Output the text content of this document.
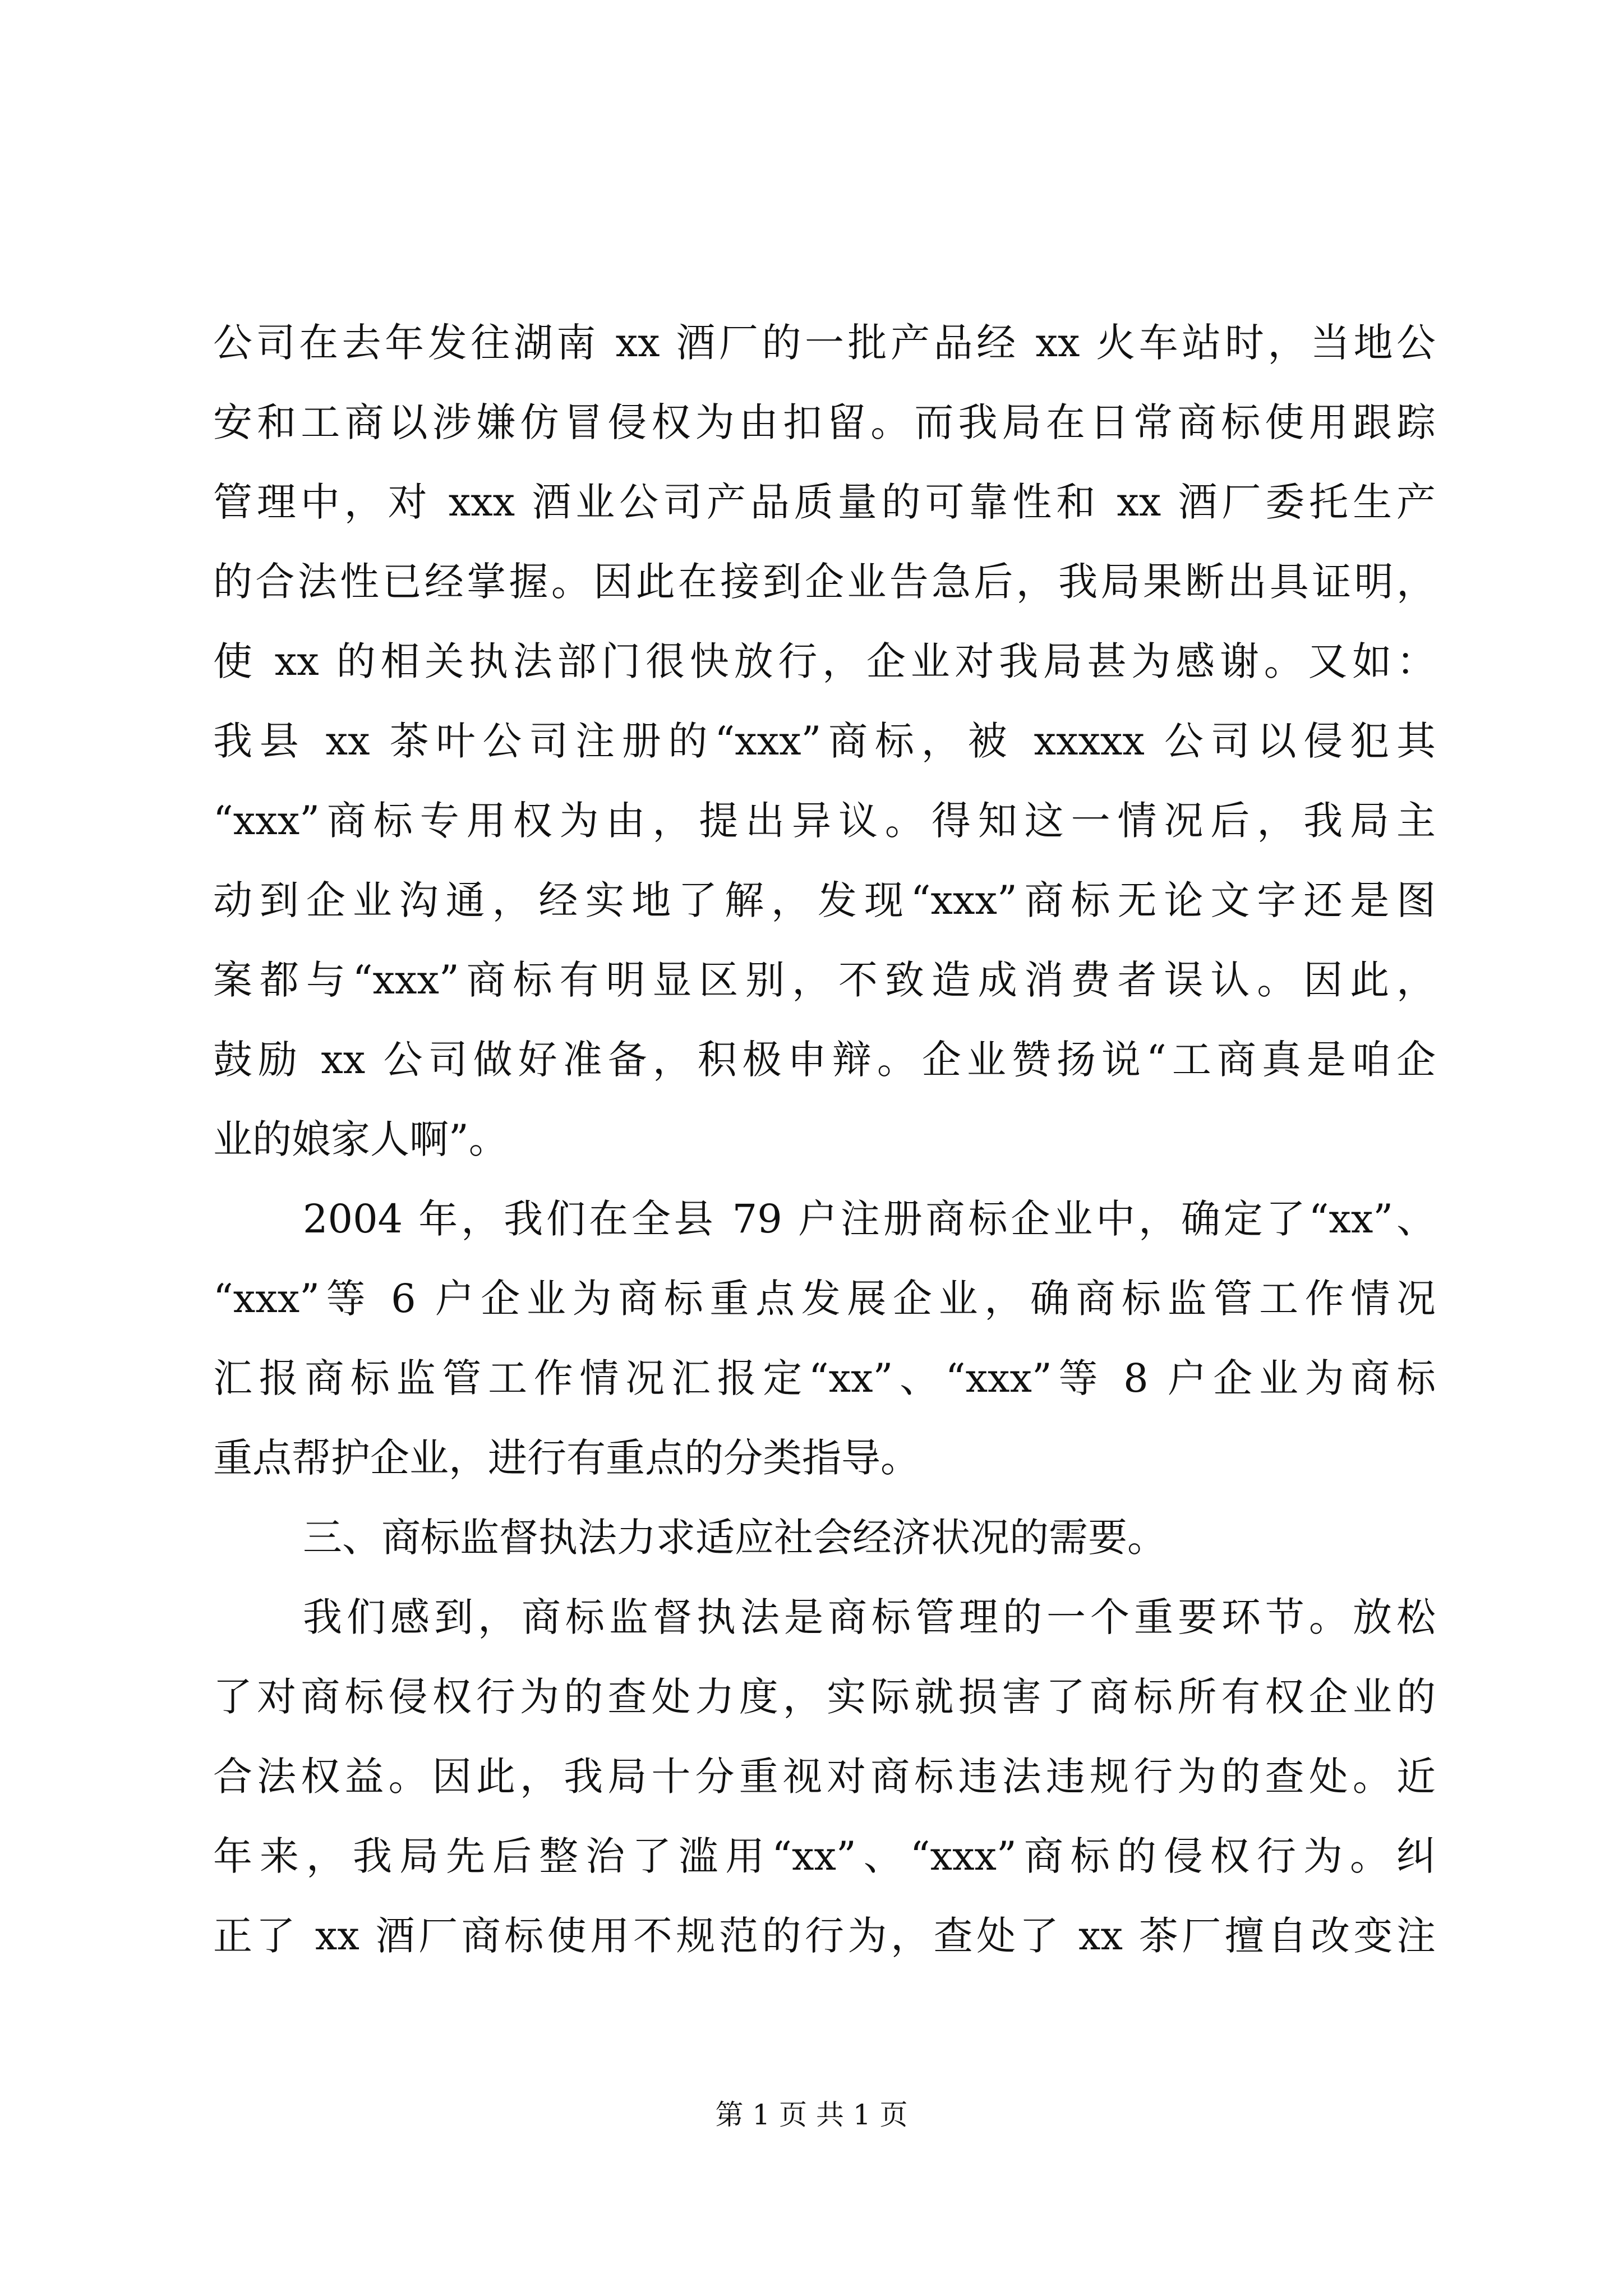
公司在去年发往湖南 xx 酒厂的一批产品经 xx 火车站时，当地公
安和工商以涉嫌仿冒侵权为由扣留。而我局在日常商标使用跟踪
管理中，对 xxx 酒业公司产品质量的可靠性和 xx 酒厂委托生产
的合法性已经掌握。因此在接到企业告急后，我局果断出具证明，
使 xx 的相关执法部门很快放行，企业对我局甚为感谢。又如：
我县 xx 茶叶公司注册的“xxx”商标，被 xxxxx 公司以侵犯其
“xxx”商标专用权为由，提出异议。得知这一情况后，我局主
动到企业沟通，经实地了解，发现“xxx”商标无论文字还是图
案都与“xxx”商标有明显区别，不致造成消费者误认。因此，
鼓励 xx 公司做好准备，积极申辩。企业赞扬说“工商真是咱企
业的娘家人啊”。
2004 年，我们在全县 79 户注册商标企业中，确定了“xx”、
“xxx”等 6 户企业为商标重点发展企业，确商标监管工作情况
汇报商标监管工作情况汇报定“xx”、“xxx”等 8 户企业为商标
重点帮护企业，进行有重点的分类指导。
三、商标监督执法力求适应社会经济状况的需要。
我们感到，商标监督执法是商标管理的一个重要环节。放松
了对商标侵权行为的查处力度，实际就损害了商标所有权企业的
合法权益。因此，我局十分重视对商标违法违规行为的查处。近
年来，我局先后整治了滥用“xx”、“xxx”商标的侵权行为。纠
正了 xx 酒厂商标使用不规范的行为，查处了 xx 茶厂擅自改变注
第 1 页 共 1 页
